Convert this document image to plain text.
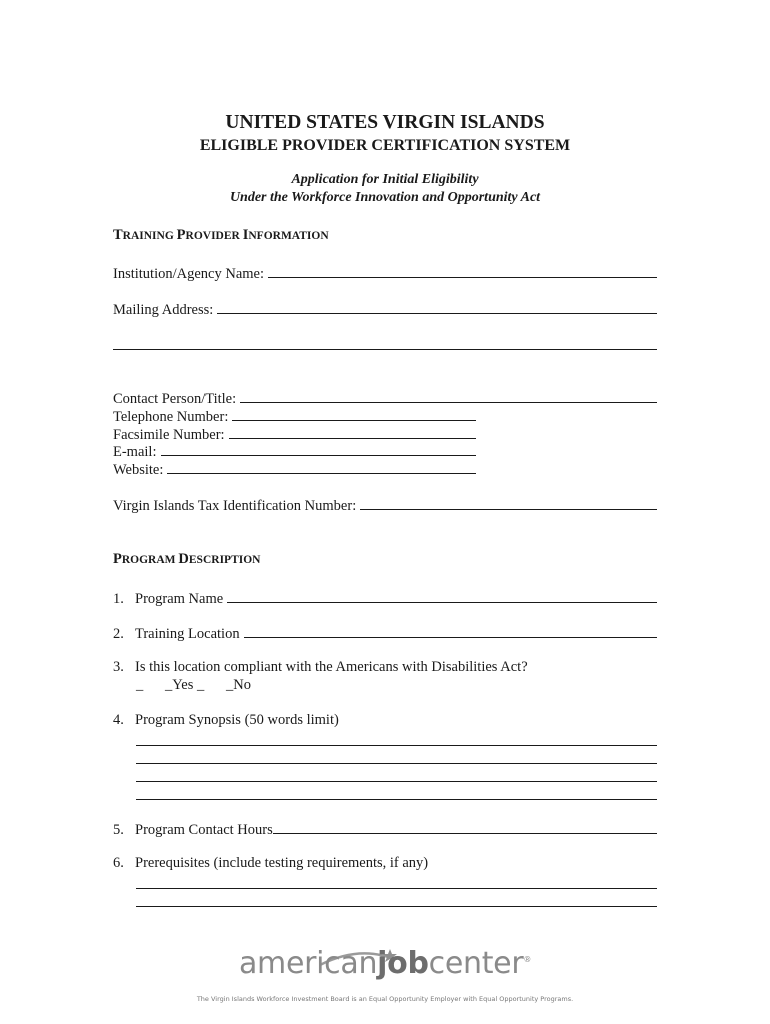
UNITED STATES VIRGIN ISLANDS
ELIGIBLE PROVIDER CERTIFICATION SYSTEM
Application for Initial Eligibility
Under the Workforce Innovation and Opportunity Act
TRAINING PROVIDER INFORMATION
Institution/Agency Name:
Mailing Address:
Contact Person/Title:
Telephone Number:
Facsimile Number:
E-mail:
Website:
Virgin Islands Tax Identification Number:
PROGRAM DESCRIPTION
1. Program Name
2. Training Location
3. Is this location compliant with the Americans with Disabilities Act?
_      _Yes _      _No
4. Program Synopsis (50 words limit)
5. Program Contact Hours
6. Prerequisites (include testing requirements, if any)
americanjobcenter®
The Virgin Islands Workforce Investment Board is an Equal Opportunity Employer with Equal Opportunity Programs.
